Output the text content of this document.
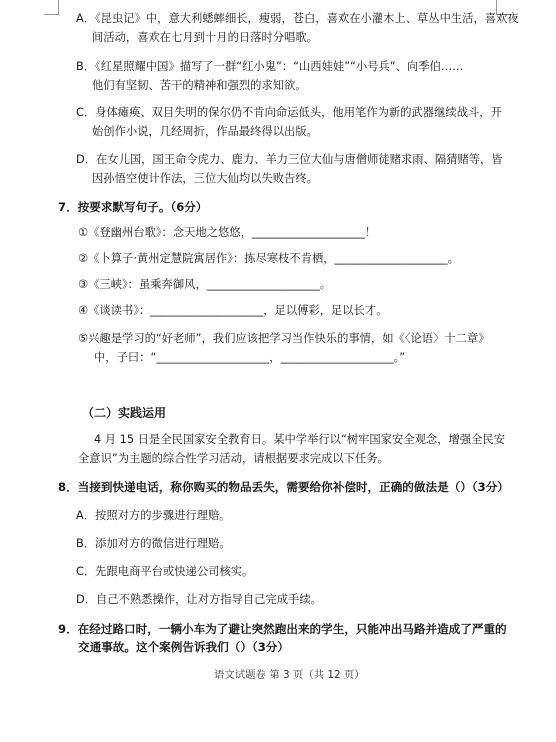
A．《昆虫记》中，意大利蟋蟀细长，瘦弱，苍白，喜欢在小灌木上、草丛中生活，喜欢夜
间活动，喜欢在七月到十月的日落时分唱歌。
B．《红星照耀中国》描写了一群“红小鬼”：“山西娃娃”“小号兵”、向季伯……
他们有坚韧、苦干的精神和强烈的求知欲。
C．身体瘫痪、双目失明的保尔仍不肯向命运低头，他用笔作为新的武器继续战斗，开
始创作小说，几经周折，作品最终得以出版。
D．在女儿国，国王命令虎力、鹿力、羊力三位大仙与唐僧师徒赌求雨、隔猜赌等，皆
因孙悟空使计作法，三位大仙均以失败告终。
7．按要求默写句子。（6分）
①《登幽州台歌》：念天地之悠悠，____________________！
②《卜算子·黄州定慧院寓居作》：拣尽寒枝不肯栖，____________________。
③《三峡》：虽乘奔御风，____________________。
④《谈读书》：____________________，足以傅彩，足以长才。
⑤兴趣是学习的“好老师”，我们应该把学习当作快乐的事情，如《〈论语〉十二章》
中，子曰：“____________________，____________________。”
（二）实践运用
4 月 15 日是全民国家安全教育日。某中学举行以“树牢国家安全观念，增强全民安
全意识”为主题的综合性学习活动，请根据要求完成以下任务。
8．当接到快递电话，称你购买的物品丢失，需要给你补偿时，正确的做法是（）（3分）
A．按照对方的步骤进行理赔。
B．添加对方的微信进行理赔。
C．先跟电商平台或快递公司核实。
D．自己不熟悉操作，让对方指导自己完成手续。
9．在经过路口时，一辆小车为了避让突然跑出来的学生，只能冲出马路并造成了严重的
交通事故。这个案例告诉我们（）（3分）
语文试题卷 第 3 页（共 12 页）
